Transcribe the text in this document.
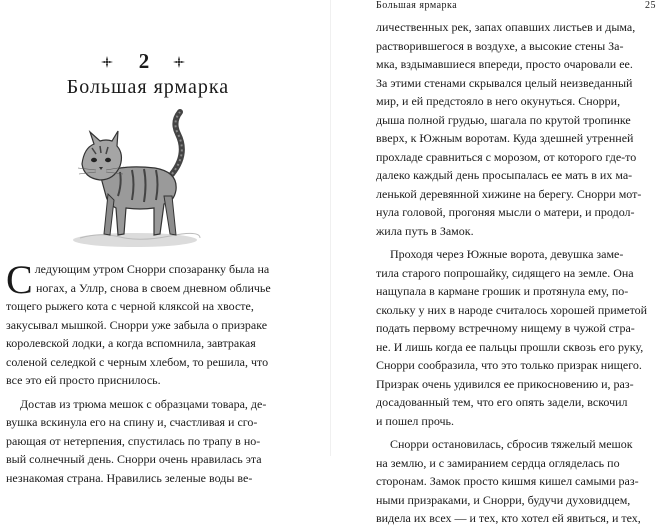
2
Большая ярмарка
С ледующим утром Снорри спозаранку была на
ногах, а Уллр, снова в своем дневном обличье
тощего рыжего кота с черной кляксой на хвосте,
закусывал мышкой. Снорри уже забыла о призраке
королевской лодки, а когда вспомнила, завтракая
соленой селедкой с черным хлебом, то решила, что
все это ей просто приснилось.
Достав из трюма мешок с образцами товара, де-
вушка вскинула его на спину и, счастливая и сго-
рающая от нетерпения, спустилась по трапу в но-
вый солнечный день. Снорри очень нравилась эта
незнакомая страна. Нравились зеленые воды ве-
Большая ярмарка	25
личественных рек, запах опавших листьев и дыма,
растворившегося в воздухе, а высокие стены За-
мка, вздымавшиеся впереди, просто очаровали ее.
За этими стенами скрывался целый неизведанный
мир, и ей предстояло в него окунуться. Снорри,
дыша полной грудью, шагала по крутой тропинке
вверх, к Южным воротам. Куда здешней утренней
прохладе сравниться с морозом, от которого где-то
далеко каждый день просыпалась ее мать в их ма-
ленькой деревянной хижине на берегу. Снорри мот-
нула головой, прогоняя мысли о матери, и продол-
жила путь в Замок.
Проходя через Южные ворота, девушка заме-
тила старого попрошайку, сидящего на земле. Она
нащупала в кармане грошик и протянула ему, по-
скольку у них в народе считалось хорошей приметой
подать первому встречному нищему в чужой стра-
не. И лишь когда ее пальцы прошли сквозь его руку,
Снорри сообразила, что это только призрак нищего.
Призрак очень удивился ее прикосновению и, раз-
досадованный тем, что его опять задели, вскочил
и пошел прочь.
Снорри остановилась, сбросив тяжелый мешок
на землю, и с замиранием сердца огляделась по
сторонам. Замок просто кишмя кишел самыми раз-
ными призраками, и Снорри, будучи духовидцем,
видела их всех — и тех, кто хотел ей явиться, и тех,
